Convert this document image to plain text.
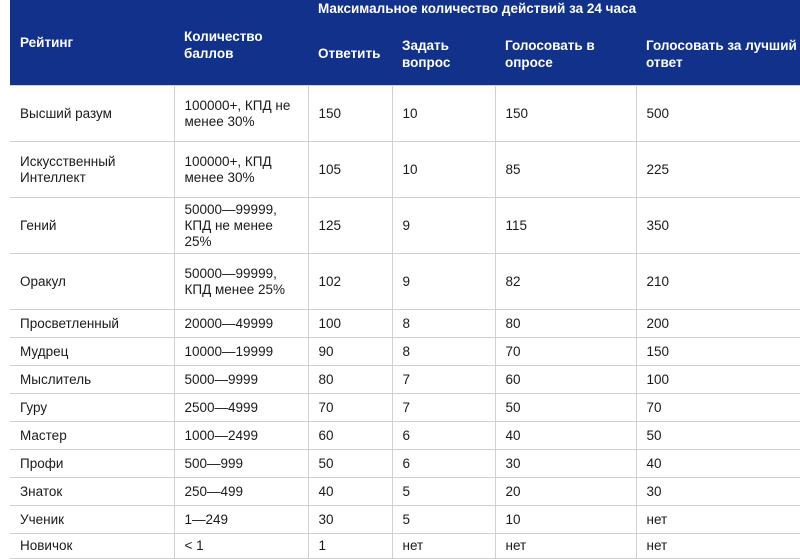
Рейтинг	Количество баллов	Максимальное количество действий за 24 часа			
		Ответить	Задать вопрос	Голосовать в опросе	Голосовать за лучший ответ
Высший разум	100000+, КПД не менее 30%	150	10	150	500
Искусственный Интеллект	100000+, КПД менее 30%	105	10	85	225
Гений	50000—99999, КПД не менее 25%	125	9	115	350
Оракул	50000—99999, КПД менее 25%	102	9	82	210
Просветленный	20000—49999	100	8	80	200
Мудрец	10000—19999	90	8	70	150
Мыслитель	5000—9999	80	7	60	100
Гуру	2500—4999	70	7	50	70
Мастер	1000—2499	60	6	40	50
Профи	500—999	50	6	30	40
Знаток	250—499	40	5	20	30
Ученик	1—249	30	5	10	нет
Новичок	< 1	1	нет	нет	нет
